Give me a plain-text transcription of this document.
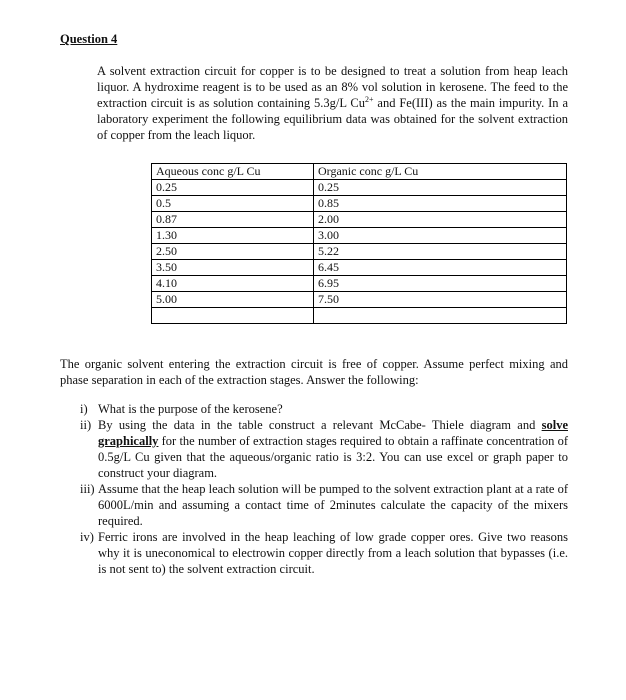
Question 4

A solvent extraction circuit for copper is to be designed to treat a solution from heap leach liquor. A hydroxime reagent is to be used as an 8% vol solution in kerosene. The feed to the extraction circuit is as solution containing 5.3g/L $Cu^{2+}$ and Fe(III) as the main impurity. In a laboratory experiment the following equilibrium data was obtained for the solvent extraction of copper from the leach liquor.

Aqueous conc g/L Cu	Organic conc g/L Cu
0.25	0.25
0.5	0.85
0.87	2.00
1.30	3.00
2.50	5.22
3.50	6.45
4.10	6.95
5.00	7.50

The organic solvent entering the extraction circuit is free of copper. Assume perfect mixing and phase separation in each of the extraction stages. Answer the following:

i) What is the purpose of the kerosene?
ii) By using the data in the table construct a relevant McCabe- Thiele diagram and solve graphically for the number of extraction stages required to obtain a raffinate concentration of 0.5g/L Cu given that the aqueous/organic ratio is 3:2. You can use excel or graph paper to construct your diagram.
iii) Assume that the heap leach solution will be pumped to the solvent extraction plant at a rate of 6000L/min and assuming a contact time of 2minutes calculate the capacity of the mixers required.
iv) Ferric irons are involved in the heap leaching of low grade copper ores. Give two reasons why it is uneconomical to electrowin copper directly from a leach solution that bypasses (i.e. is not sent to) the solvent extraction circuit.
